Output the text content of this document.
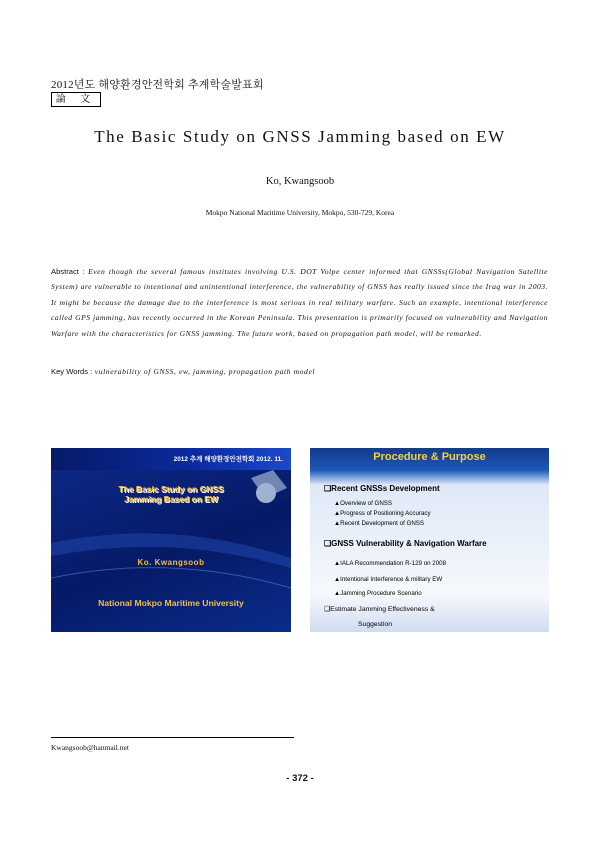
2012년도 해양환경안전학회 추계학술발표회
論 文
The Basic Study on GNSS Jamming based on EW
Ko, Kwangsoob
Mokpo National Maritime University, Mokpo, 530-729, Korea
Abstract : Even though the several famous institutes involving U.S. DOT Volpe center informed that GNSSs(Global Navigation Satellite System) are vulnerable to intentional and unintentional interference, the vulnerability of GNSS has really issued since the Iraq war in 2003. It might be because the damage due to the interference is most serious in real military warfare. Such an example, intentional interference called GPS jamming, has recently occurred in the Korean Peninsula. This presentation is primarily focused on vulnerability and Navigation Warfare with the characteristics for GNSS jamming. The future work, based on propagation path model, will be remarked.
Key Words : vulnerability of GNSS, ew, jamming, propagation path model
2012 추계 해양환경안전학회 2012. 11.
The Basic Study on GNSS
Jamming Based on EW
Ko. Kwangsoob
National Mokpo Maritime University
Procedure & Purpose
❑Recent GNSSs Development
▲Overview of GNSS
▲Progress of Positioning Accuracy
▲Recent Development of GNSS
❑GNSS Vulnerability & Navigation Warfare
▲IALA Recommendation R-129 on 2008
▲Intentional Interference & military EW
▲Jamming Procedure Scenario
❑Estimate Jamming Effectiveness &
Suggestion
Kwangsoob@hanmail.net
- 372 -
